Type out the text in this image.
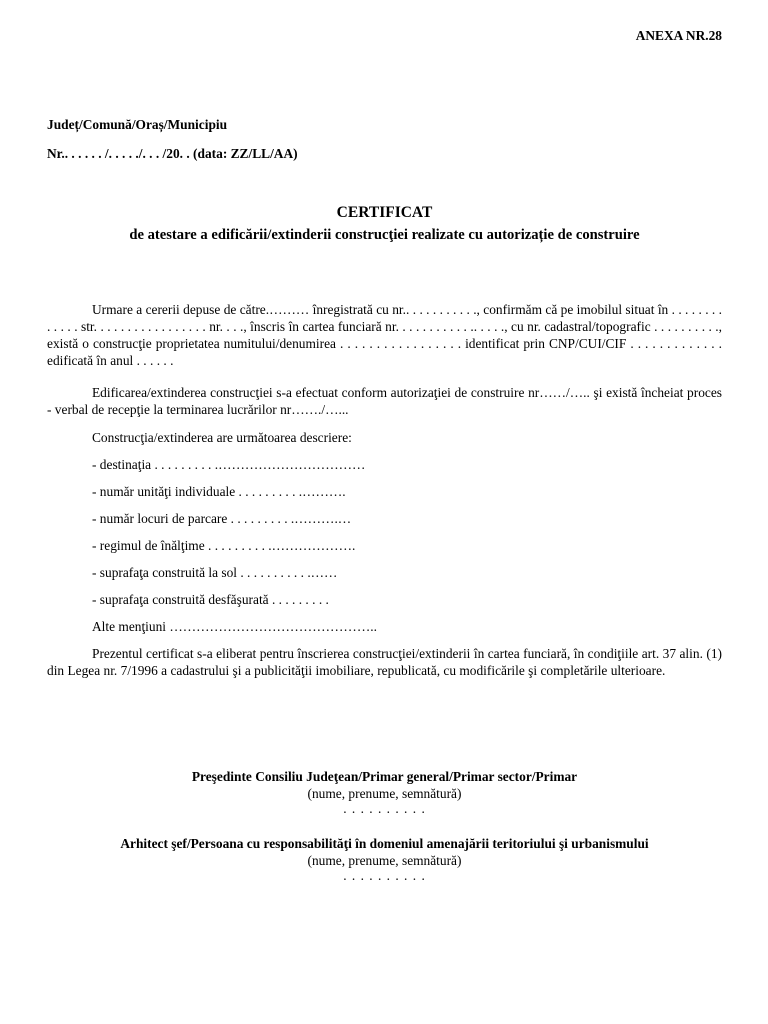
ANEXA NR.28
Județ/Comună/Oraș/Municipiu
Nr.. . . . . . /. . . . ./. . . /20. . (data: ZZ/LL/AA)
CERTIFICAT
de atestare a edificării/extinderii construcţiei realizate cu autorizație de construire

Urmare a cererii depuse de către.……… înregistrată cu nr.. . . . . . . . . . ., confirmăm că pe imobilul situat în . . . . . . . . . . . . . str. . . . . . . . . . . . . . . . . nr. . . ., înscris în cartea funciară nr. . . . . . . . . . . .. . . . ., cu nr. cadastral/topografic . . . . . . . . . ., există o construcţie proprietatea numitului/denumirea . . . . . . . . . . . . . . . . . identificat prin CNP/CUI/CIF . . . . . . . . . . . . . edificată în anul . . . . . .

Edificarea/extinderea construcţiei s-a efectuat conform autorizaţiei de construire nr……/….. şi există încheiat proces - verbal de recepţie la terminarea lucrărilor nr……./…...

Construcţia/extinderea are următoarea descriere:

- destinaţia . . . . . . . . . .……………………………
- număr unităţi individuale . . . . . . . . . .……….
- număr locuri de parcare . . . . . . . . . .……….…
- regimul de înălţime . . . . . . . . . .……………….
- suprafaţa construită la sol . . . . . . . . . . .……
- suprafaţa construită desfăşurată . . . . . . . . .
Alte menţiuni ………………………………………..

Prezentul certificat s-a eliberat pentru înscrierea construcţiei/extinderii în cartea funciară, în condiţiile art. 37 alin. (1) din Legea nr. 7/1996 a cadastrului şi a publicităţii imobiliare, republicată, cu modificările şi completările ulterioare.

Preşedinte Consiliu Judeţean/Primar general/Primar sector/Primar
(nume, prenume, semnătură)
. . . . . . . . . .
Arhitect şef/Persoana cu responsabilităţi în domeniul amenajării teritoriului şi urbanismului
(nume, prenume, semnătură)
. . . . . . . . . .
